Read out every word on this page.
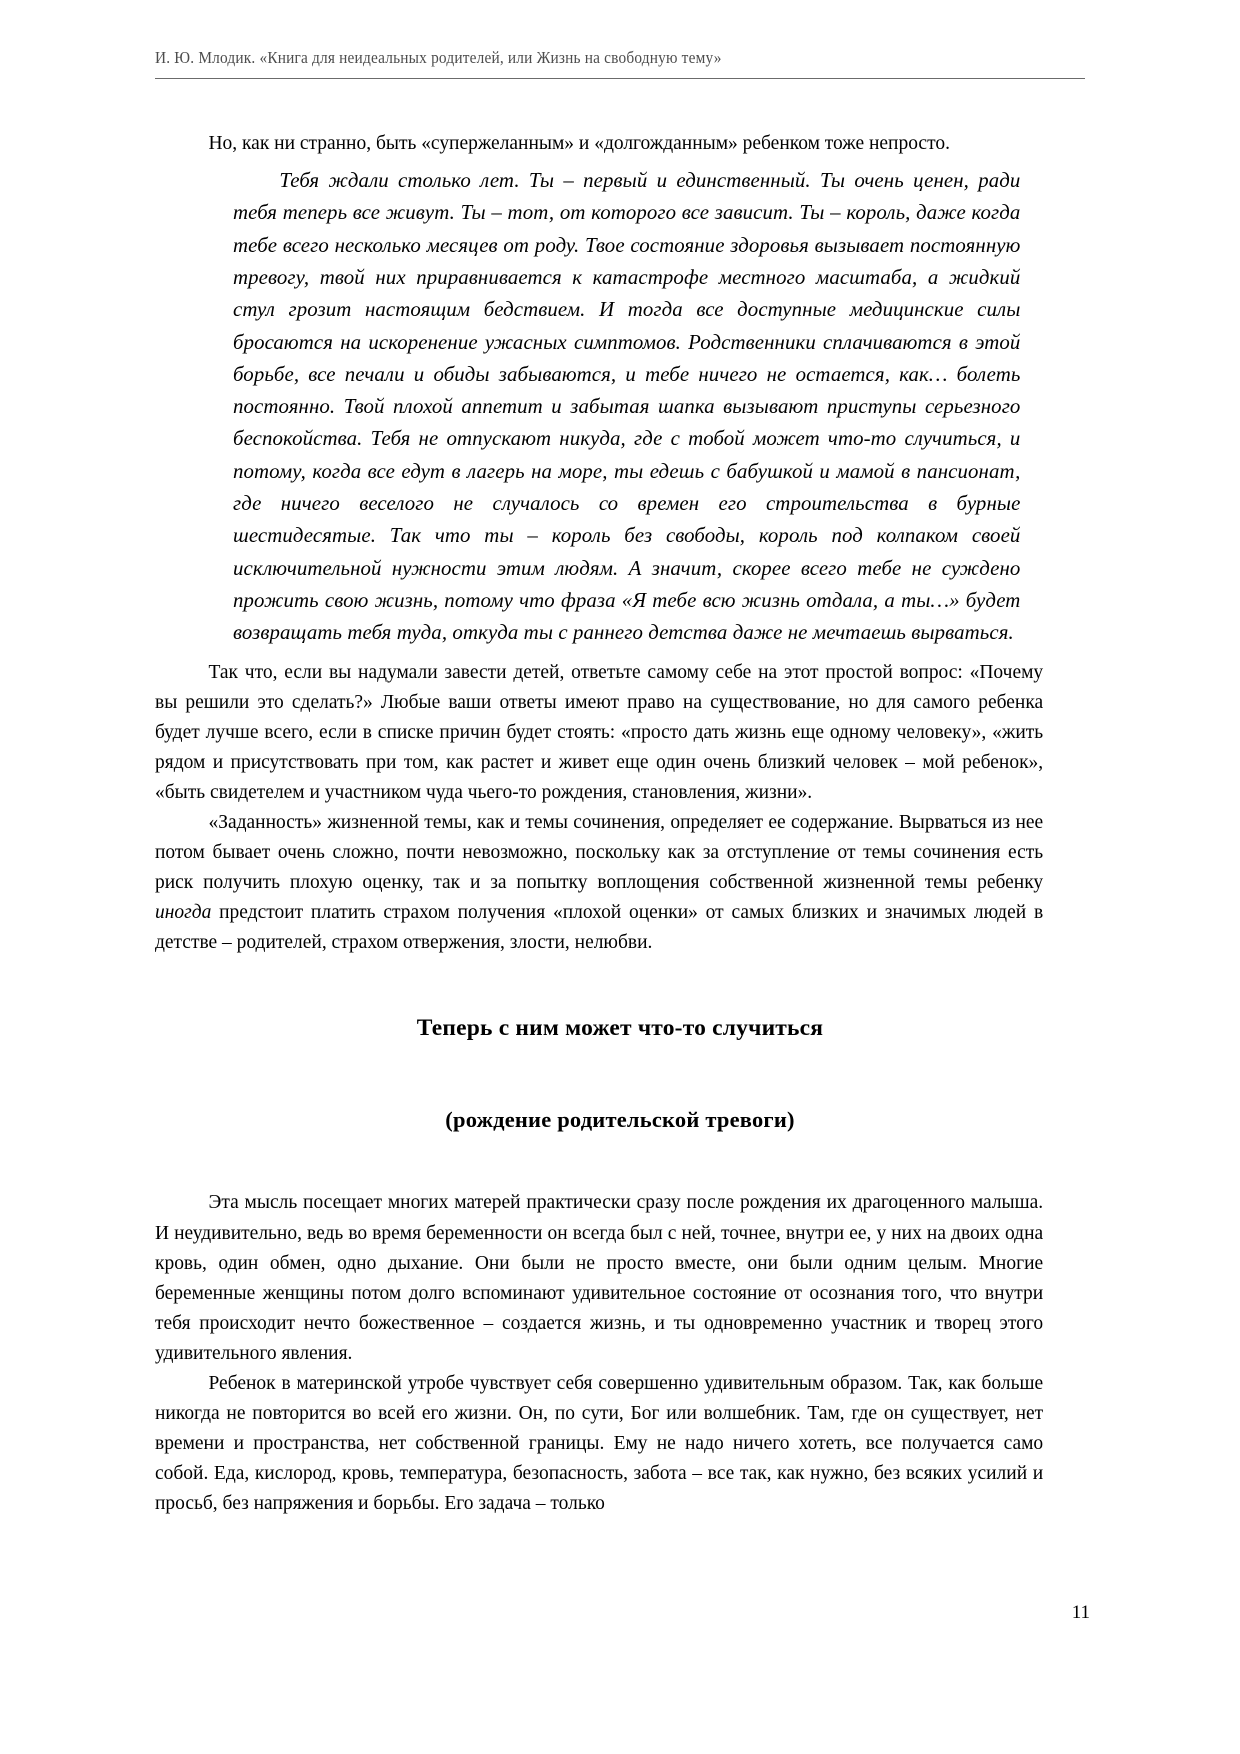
И. Ю. Млодик. «Книга для неидеальных родителей, или Жизнь на свободную тему»

Но, как ни странно, быть «супержеланным» и «долгожданным» ребенком тоже непросто.

Тебя ждали столько лет. Ты – первый и единственный. Ты очень ценен, ради тебя теперь все живут. Ты – тот, от которого все зависит. Ты – король, даже когда тебе всего несколько месяцев от роду. Твое состояние здоровья вызывает постоянную тревогу, твой них приравнивается к катастрофе местного масштаба, а жидкий стул грозит настоящим бедствием. И тогда все доступные медицинские силы бросаются на искоренение ужасных симптомов. Родственники сплачиваются в этой борьбе, все печали и обиды забываются, и тебе ничего не остается, как… болеть постоянно. Твой плохой аппетит и забытая шапка вызывают приступы серьезного беспокойства. Тебя не отпускают никуда, где с тобой может что-то случиться, и потому, когда все едут в лагерь на море, ты едешь с бабушкой и мамой в пансионат, где ничего веселого не случалось со времен его строительства в бурные шестидесятые. Так что ты – король без свободы, король под колпаком своей исключительной нужности этим людям. А значит, скорее всего тебе не суждено прожить свою жизнь, потому что фраза «Я тебе всю жизнь отдала, а ты…» будет возвращать тебя туда, откуда ты с раннего детства даже не мечтаешь вырваться.

Так что, если вы надумали завести детей, ответьте самому себе на этот простой вопрос: «Почему вы решили это сделать?» Любые ваши ответы имеют право на существование, но для самого ребенка будет лучше всего, если в списке причин будет стоять: «просто дать жизнь еще одному человеку», «жить рядом и присутствовать при том, как растет и живет еще один очень близкий человек – мой ребенок», «быть свидетелем и участником чуда чьего-то рождения, становления, жизни».

«Заданность» жизненной темы, как и темы сочинения, определяет ее содержание. Вырваться из нее потом бывает очень сложно, почти невозможно, поскольку как за отступление от темы сочинения есть риск получить плохую оценку, так и за попытку воплощения собственной жизненной темы ребенку иногда предстоит платить страхом получения «плохой оценки» от самых близких и значимых людей в детстве – родителей, страхом отвержения, злости, нелюбви.

Теперь с ним может что-то случиться
(рождение родительской тревоги)

Эта мысль посещает многих матерей практически сразу после рождения их драгоценного малыша. И неудивительно, ведь во время беременности он всегда был с ней, точнее, внутри ее, у них на двоих одна кровь, один обмен, одно дыхание. Они были не просто вместе, они были одним целым. Многие беременные женщины потом долго вспоминают удивительное состояние от осознания того, что внутри тебя происходит нечто божественное – создается жизнь, и ты одновременно участник и творец этого удивительного явления.

Ребенок в материнской утробе чувствует себя совершенно удивительным образом. Так, как больше никогда не повторится во всей его жизни. Он, по сути, Бог или волшебник. Там, где он существует, нет времени и пространства, нет собственной границы. Ему не надо ничего хотеть, все получается само собой. Еда, кислород, кровь, температура, безопасность, забота – все так, как нужно, без всяких усилий и просьб, без напряжения и борьбы. Его задача – только

11
